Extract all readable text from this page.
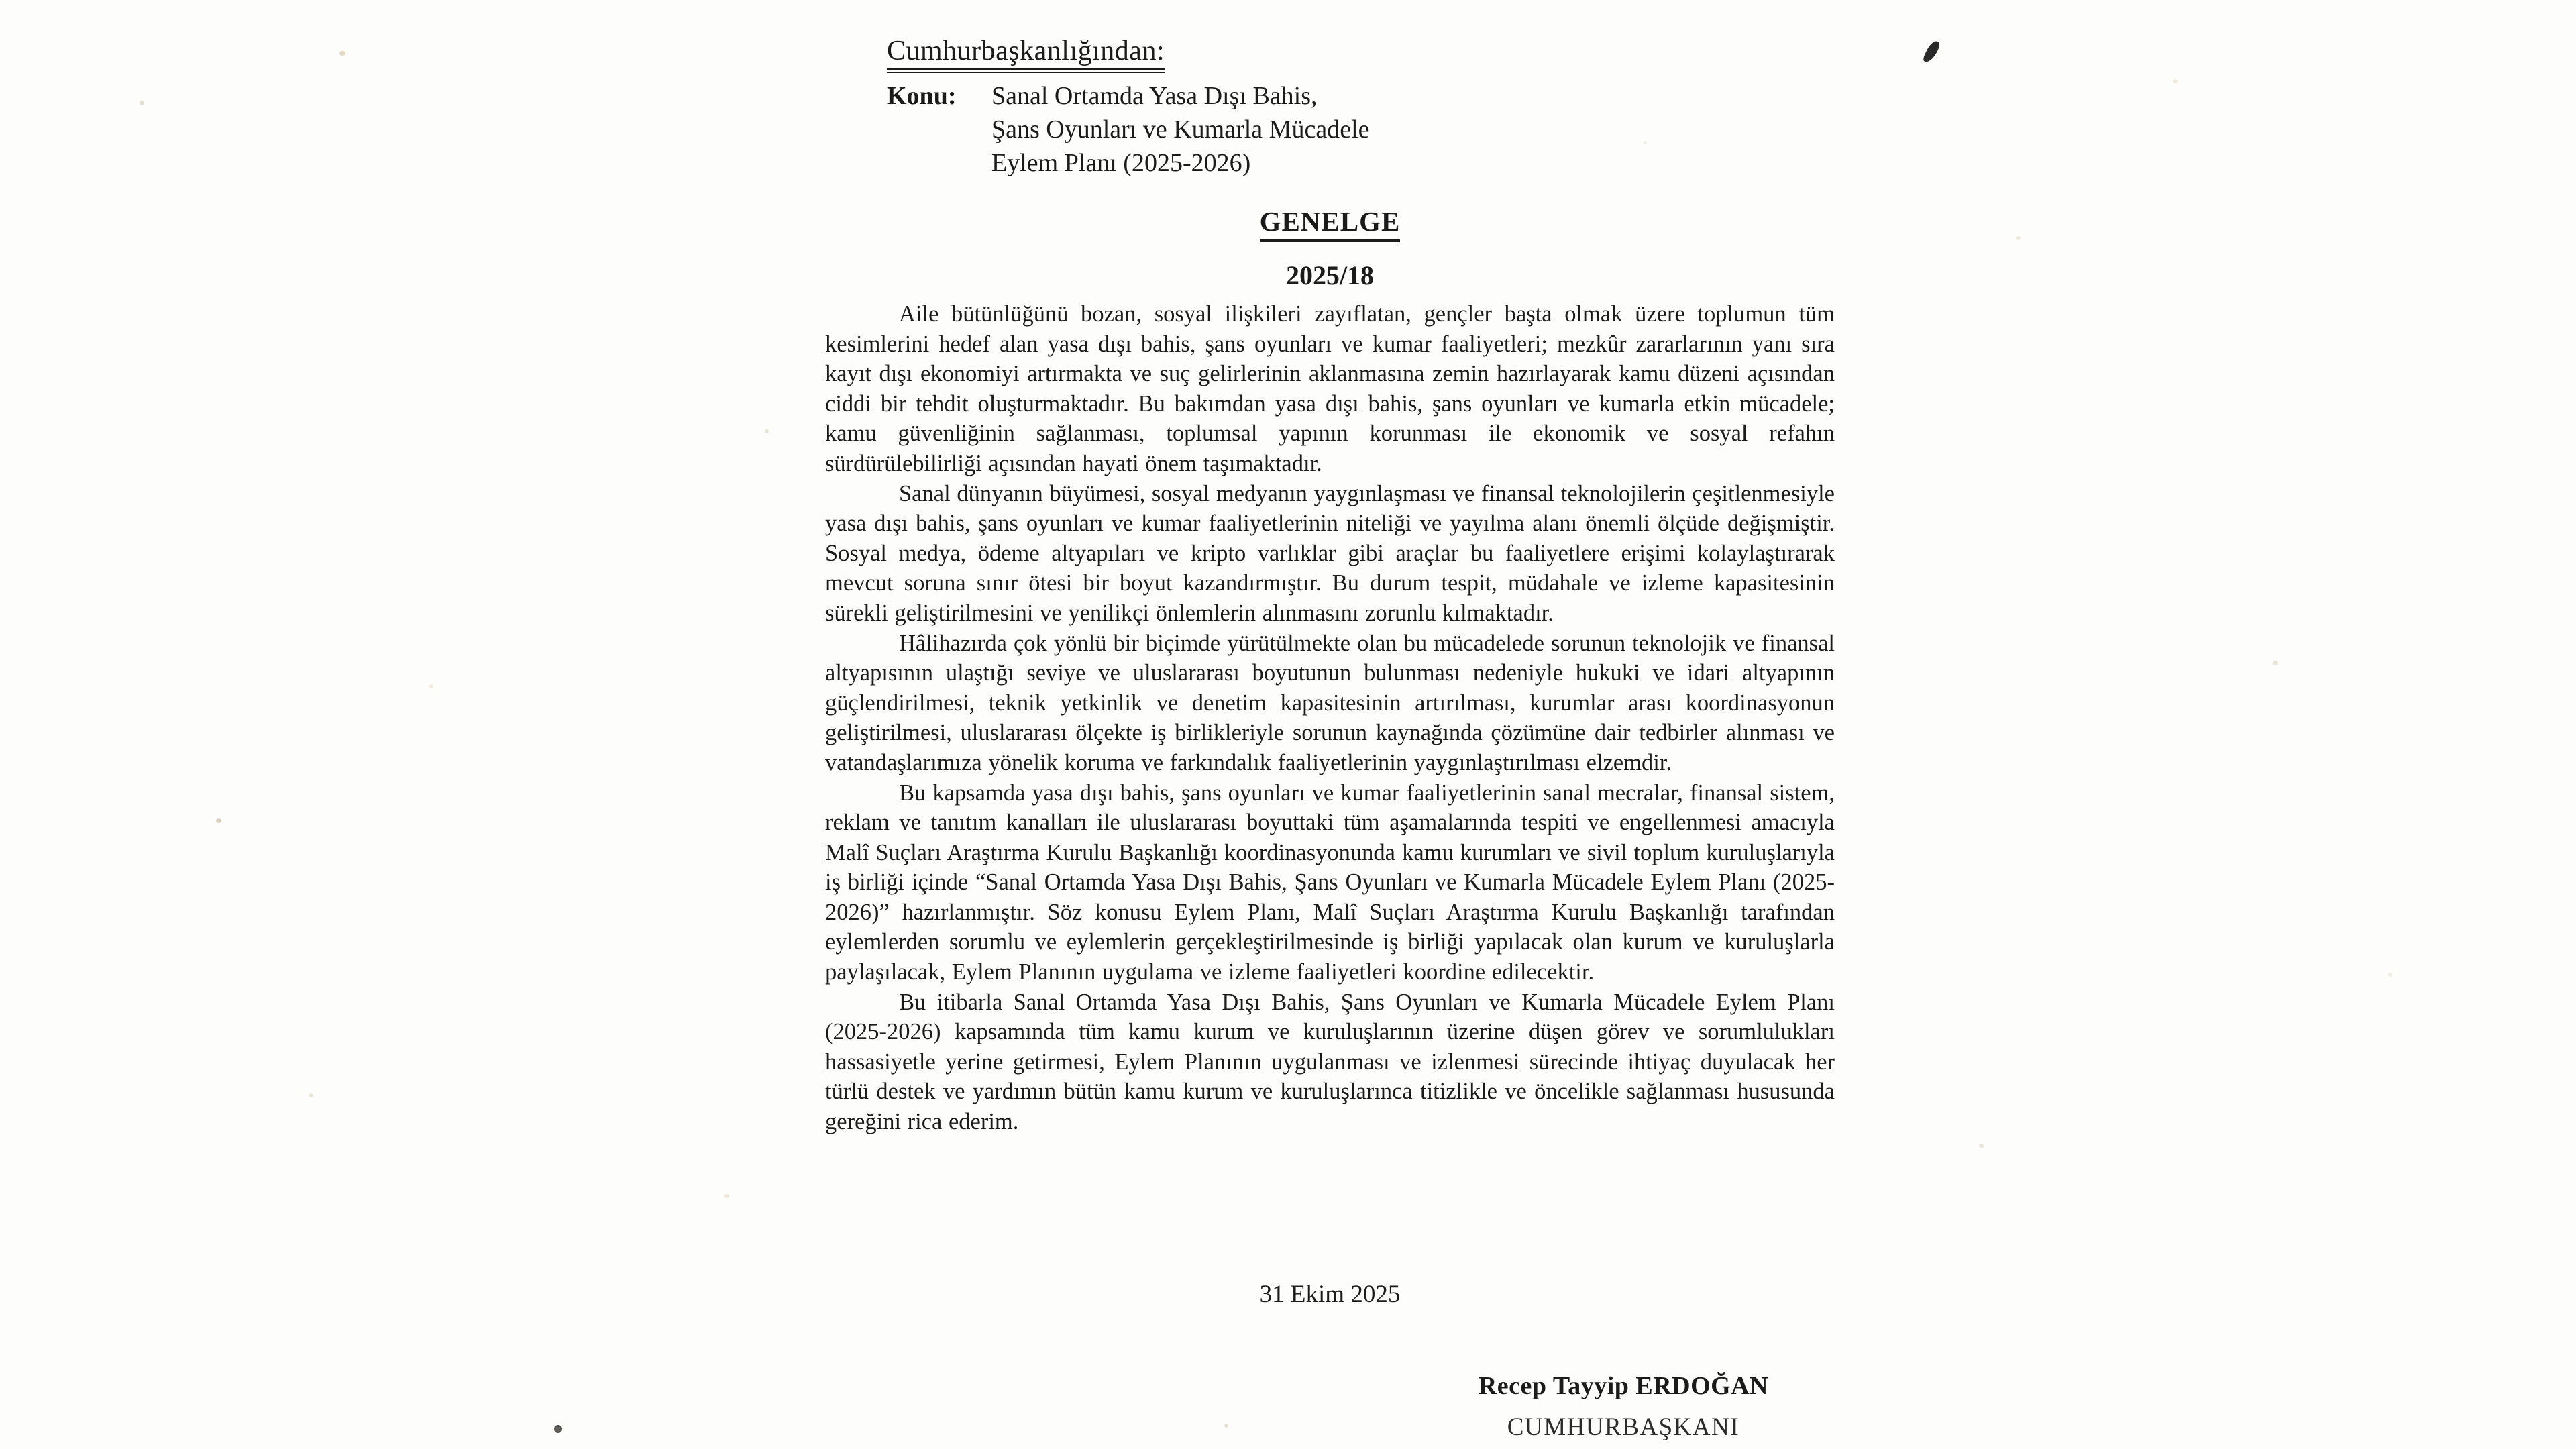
Cumhurbaşkanlığından:
Konu:	Sanal Ortamda Yasa Dışı Bahis,
Şans Oyunları ve Kumarla Mücadele
Eylem Planı (2025-2026)
GENELGE
2025/18

Aile bütünlüğünü bozan, sosyal ilişkileri zayıflatan, gençler başta olmak üzere toplumun tüm kesimlerini hedef alan yasa dışı bahis, şans oyunları ve kumar faaliyetleri; mezkûr zararlarının yanı sıra kayıt dışı ekonomiyi artırmakta ve suç gelirlerinin aklanmasına zemin hazırlayarak kamu düzeni açısından ciddi bir tehdit oluşturmaktadır. Bu bakımdan yasa dışı bahis, şans oyunları ve kumarla etkin mücadele; kamu güvenliğinin sağlanması, toplumsal yapının korunması ile ekonomik ve sosyal refahın sürdürülebilirliği açısından hayati önem taşımaktadır.

Sanal dünyanın büyümesi, sosyal medyanın yaygınlaşması ve finansal teknolojilerin çeşitlenmesiyle yasa dışı bahis, şans oyunları ve kumar faaliyetlerinin niteliği ve yayılma alanı önemli ölçüde değişmiştir. Sosyal medya, ödeme altyapıları ve kripto varlıklar gibi araçlar bu faaliyetlere erişimi kolaylaştırarak mevcut soruna sınır ötesi bir boyut kazandırmıştır. Bu durum tespit, müdahale ve izleme kapasitesinin sürekli geliştirilmesini ve yenilikçi önlemlerin alınmasını zorunlu kılmaktadır.

Hâlihazırda çok yönlü bir biçimde yürütülmekte olan bu mücadelede sorunun teknolojik ve finansal altyapısının ulaştığı seviye ve uluslararası boyutunun bulunması nedeniyle hukuki ve idari altyapının güçlendirilmesi, teknik yetkinlik ve denetim kapasitesinin artırılması, kurumlar arası koordinasyonun geliştirilmesi, uluslararası ölçekte iş birlikleriyle sorunun kaynağında çözümüne dair tedbirler alınması ve vatandaşlarımıza yönelik koruma ve farkındalık faaliyetlerinin yaygınlaştırılması elzemdir.

Bu kapsamda yasa dışı bahis, şans oyunları ve kumar faaliyetlerinin sanal mecralar, finansal sistem, reklam ve tanıtım kanalları ile uluslararası boyuttaki tüm aşamalarında tespiti ve engellenmesi amacıyla Malî Suçları Araştırma Kurulu Başkanlığı koordinasyonunda kamu kurumları ve sivil toplum kuruluşlarıyla iş birliği içinde “Sanal Ortamda Yasa Dışı Bahis, Şans Oyunları ve Kumarla Mücadele Eylem Planı (2025-2026)” hazırlanmıştır. Söz konusu Eylem Planı, Malî Suçları Araştırma Kurulu Başkanlığı tarafından eylemlerden sorumlu ve eylemlerin gerçekleştirilmesinde iş birliği yapılacak olan kurum ve kuruluşlarla paylaşılacak, Eylem Planının uygulama ve izleme faaliyetleri koordine edilecektir.

Bu itibarla Sanal Ortamda Yasa Dışı Bahis, Şans Oyunları ve Kumarla Mücadele Eylem Planı (2025-2026) kapsamında tüm kamu kurum ve kuruluşlarının üzerine düşen görev ve sorumlulukları hassasiyetle yerine getirmesi, Eylem Planının uygulanması ve izlenmesi sürecinde ihtiyaç duyulacak her türlü destek ve yardımın bütün kamu kurum ve kuruluşlarınca titizlikle ve öncelikle sağlanması hususunda gereğini rica ederim.

31 Ekim 2025
Recep Tayyip ERDOĞAN
CUMHURBAŞKANI
